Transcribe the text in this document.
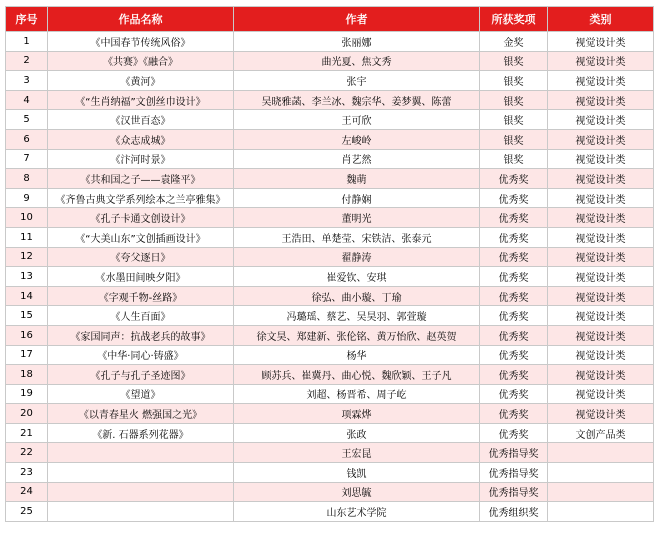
序号	作品名称	作者	所获奖项	类别
1	《中国春节传统风俗》	张丽娜	金奖	视觉设计类
2	《共赛》《融合》	曲光夏、焦文秀	银奖	视觉设计类
3	《黄河》	张宇	银奖	视觉设计类
4	《“生肖纳福”文创丝巾设计》	吴晓雅菡、李兰冰、魏宗华、姜梦翼、陈蕾	银奖	视觉设计类
5	《汉世百态》	王可欣	银奖	视觉设计类
6	《众志成城》	左峻岭	银奖	视觉设计类
7	《汴河时景》	肖艺然	银奖	视觉设计类
8	《共和国之子——袁隆平》	魏萌	优秀奖	视觉设计类
9	《齐鲁古典文学系列绘本之兰亭雅集》	付静娴	优秀奖	视觉设计类
10	《孔子卡通文创设计》	董明光	优秀奖	视觉设计类
11	《“大美山东”文创插画设计》	王浩田、单楚莹、宋铁洁、张泰元	优秀奖	视觉设计类
12	《夸父逐日》	翟静涛	优秀奖	视觉设计类
13	《水墨田间映夕阳》	崔爱钦、安琪	优秀奖	视觉设计类
14	《字观千物-丝路》	徐弘、曲小璇、丁瑜	优秀奖	视觉设计类
15	《人生百面》	冯璐瑶、蔡艺、吴昊羽、郭萱璇	优秀奖	视觉设计类
16	《家国同声：抗战老兵的故事》	徐文昊、郑建新、张伦铭、黄万怡欣、赵英贺	优秀奖	视觉设计类
17	《中华·同心·铸盛》	杨华	优秀奖	视觉设计类
18	《孔子与孔子圣迹图》	顾苏兵、崔冀丹、曲心悦、魏欣颖、王子凡	优秀奖	视觉设计类
19	《望道》	刘超、杨晋希、周子屹	优秀奖	视觉设计类
20	《以青春星火 燃强国之光》	项霖烨	优秀奖	视觉设计类
21	《新. 石器系列花器》	张政	优秀奖	文创产品类
22		王宏昆	优秀指导奖	
23		钱凯	优秀指导奖	
24		刘思毓	优秀指导奖	
25		山东艺术学院	优秀组织奖	
